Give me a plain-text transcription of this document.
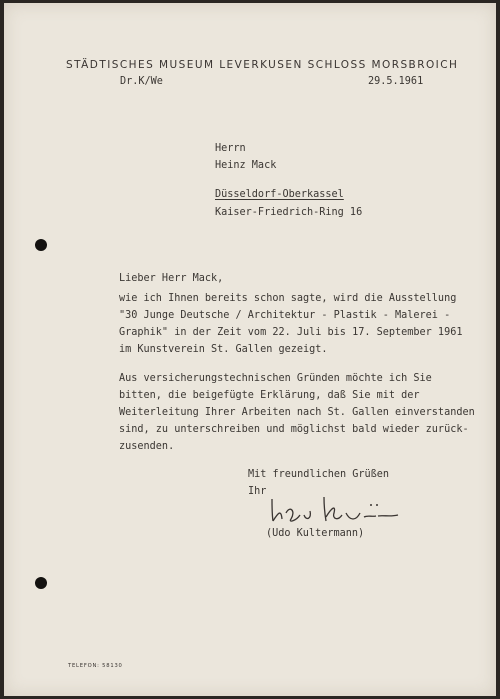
STÄDTISCHES MUSEUM LEVERKUSEN SCHLOSS MORSBROICH
Dr.K/We	29.5.1961
Herrn
Heinz Mack
Düsseldorf-Oberkassel
Kaiser-Friedrich-Ring 16
Lieber Herr Mack,
wie ich Ihnen bereits schon sagte, wird die Ausstellung
"30 Junge Deutsche / Architektur - Plastik - Malerei -
Graphik" in der Zeit vom 22. Juli bis 17. September 1961
im Kunstverein St. Gallen gezeigt.
Aus versicherungstechnischen Gründen möchte ich Sie
bitten, die beigefügte Erklärung, daß Sie mit der
Weiterleitung Ihrer Arbeiten nach St. Gallen einverstanden
sind, zu unterschreiben und möglichst bald wieder zurück-
zusenden.
Mit freundlichen Grüßen
Ihr
(Udo Kultermann)
TELEFON: 58130
